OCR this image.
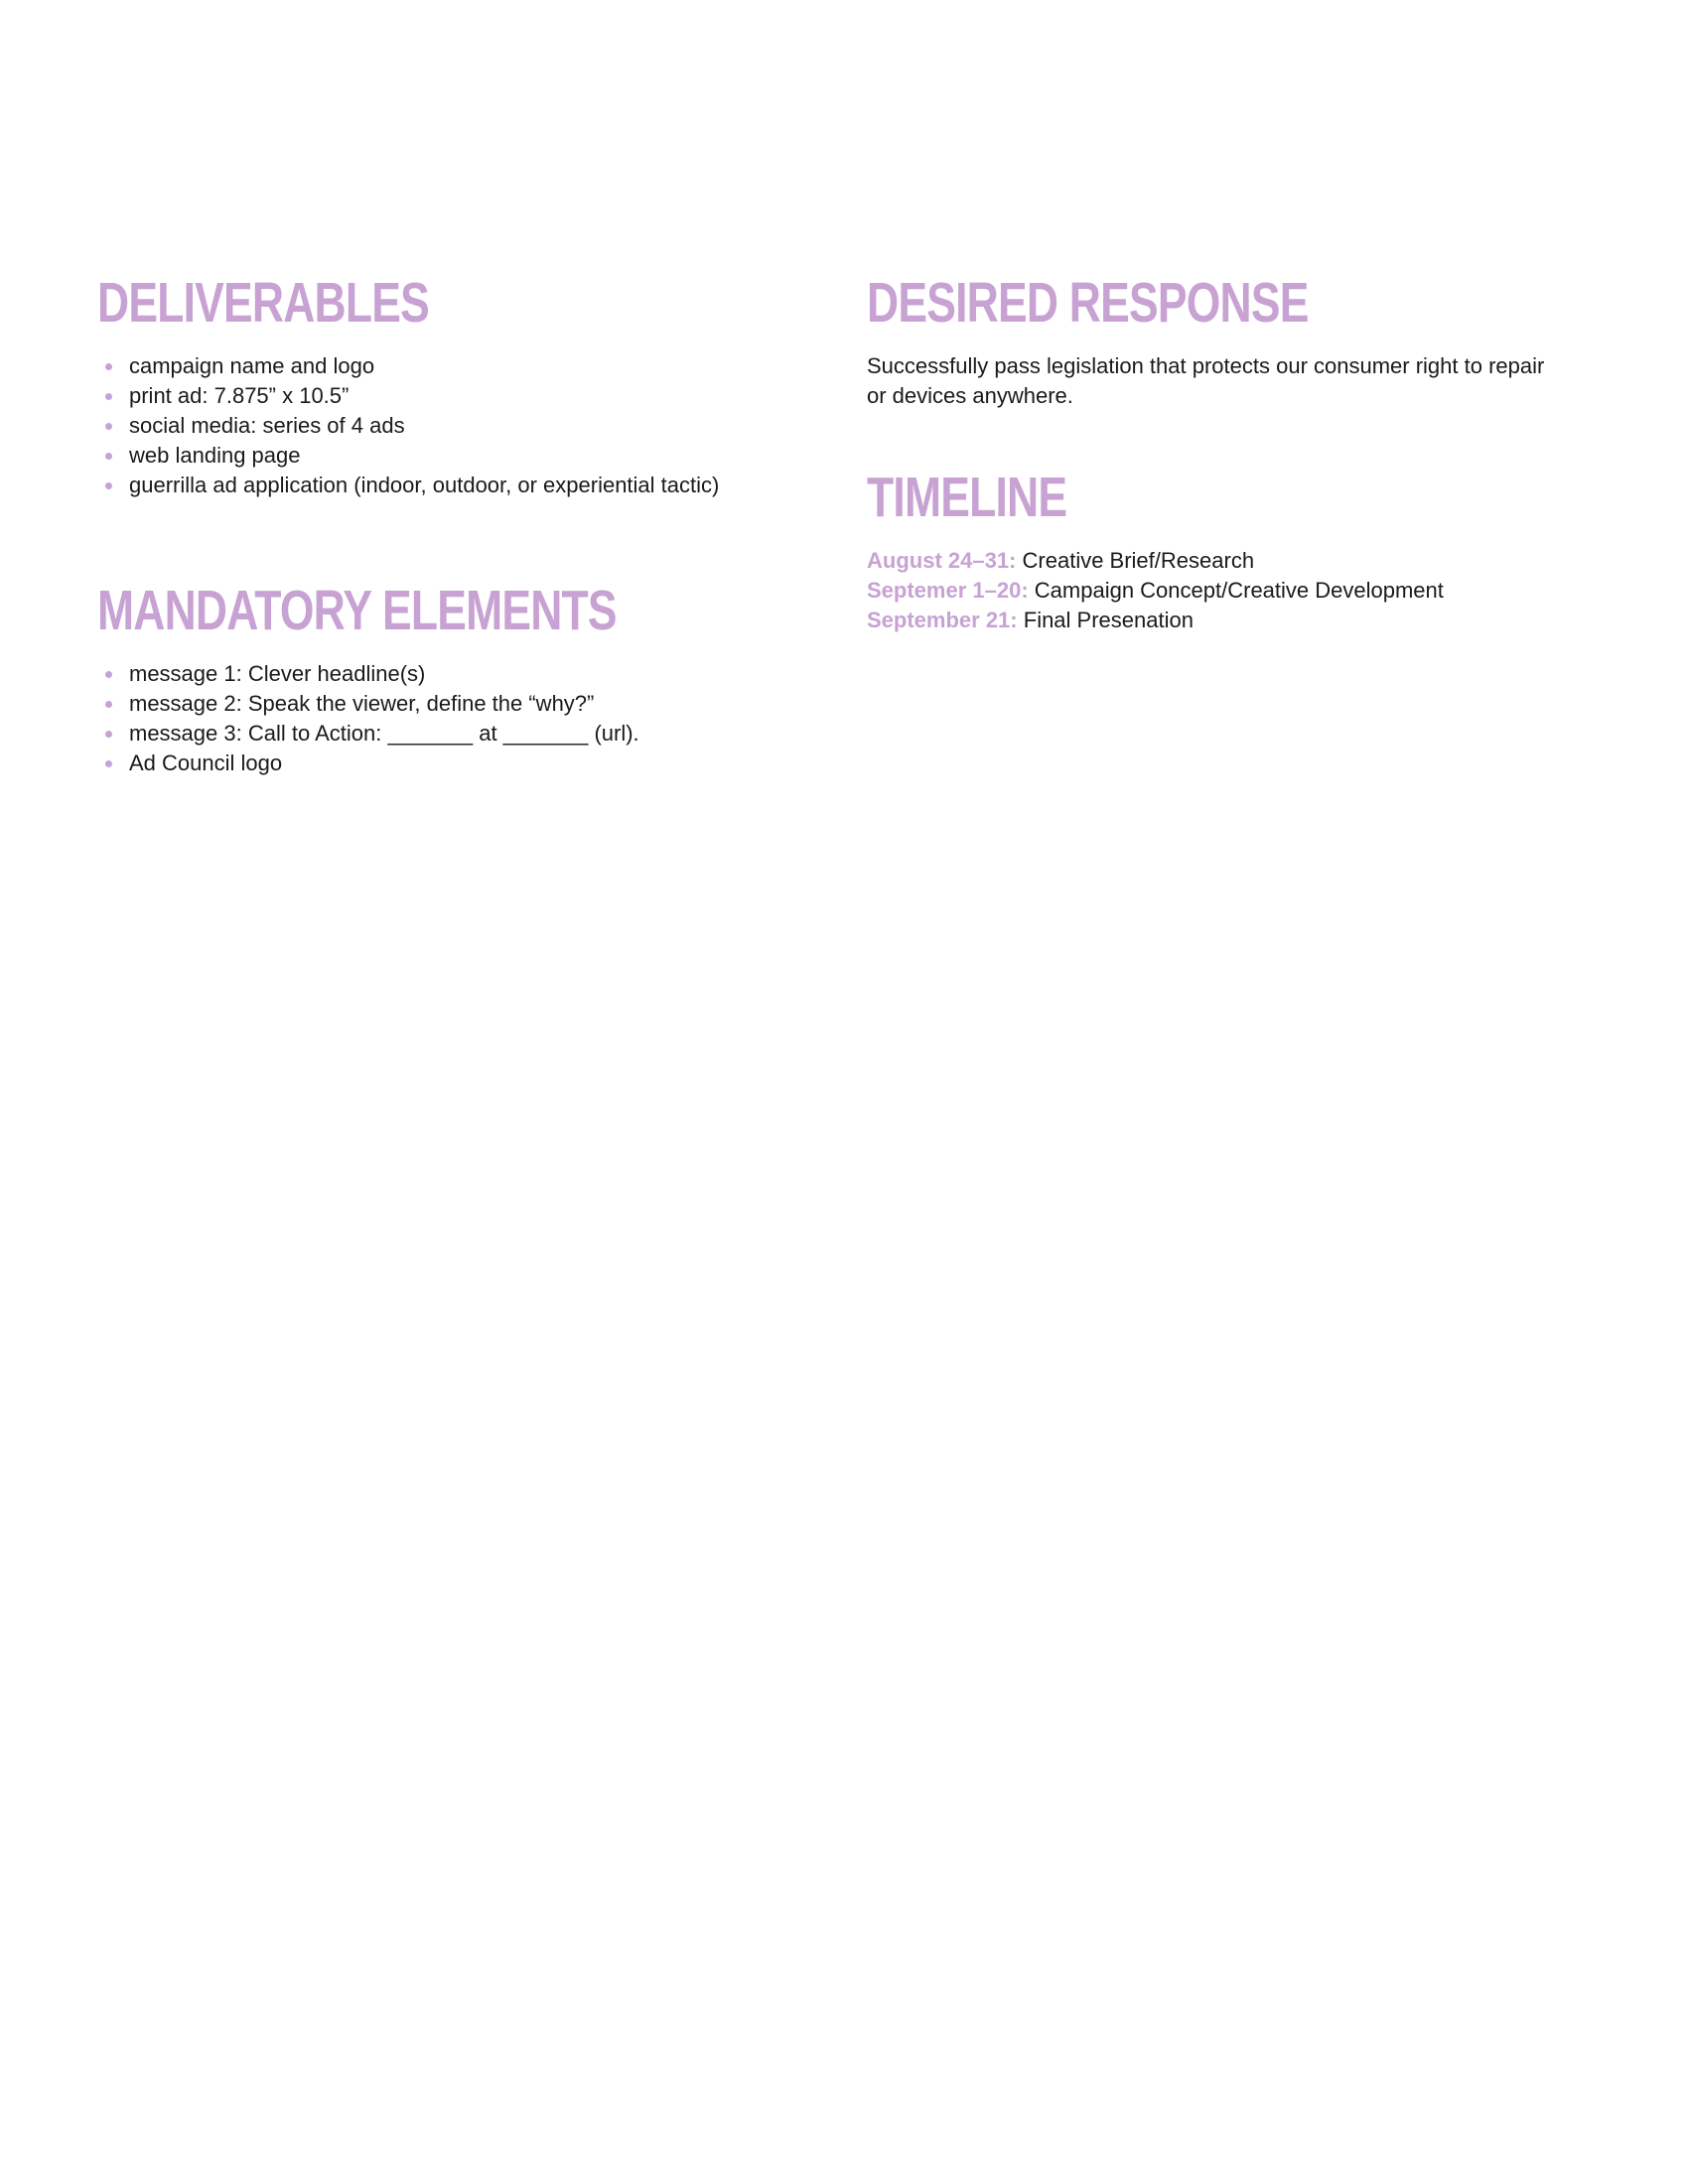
DELIVERABLES
campaign name and logo
print ad: 7.875” x 10.5”
social media: series of 4 ads
web landing page
guerrilla ad application (indoor, outdoor, or experiential tactic)
MANDATORY ELEMENTS
message 1: Clever headline(s)
message 2: Speak the viewer, define the “why?”
message 3: Call to Action: _______ at _______ (url).
Ad Council logo
DESIRED RESPONSE

Successfully pass legislation that protects our consumer right to repair or devices anywhere.

TIMELINE
August 24–31: Creative Brief/Research
Septemer 1–20: Campaign Concept/Creative Development
September 21: Final Presenation
